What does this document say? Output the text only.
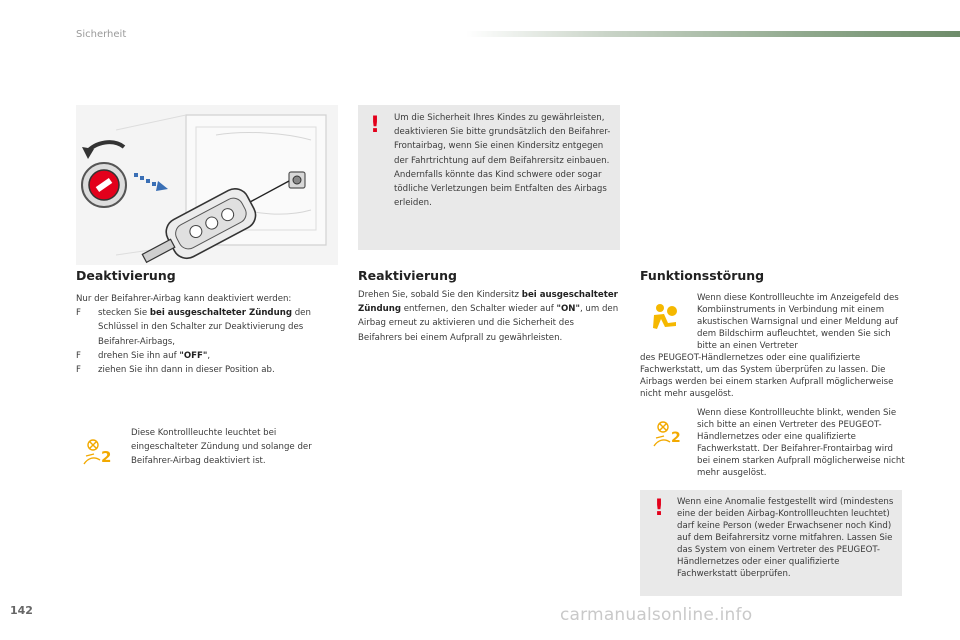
Sicherheit
! Um die Sicherheit Ihres Kindes zu gewährleisten, deaktivieren Sie bitte grundsätzlich den Beifahrer-Frontairbag, wenn Sie einen Kindersitz entgegen der Fahrtrichtung auf dem Beifahrersitz einbauen. Andernfalls könnte das Kind schwere oder sogar tödliche Verletzungen beim Entfalten des Airbags erleiden.
Deaktivierung
Nur der Beifahrer-Airbag kann deaktiviert werden:
F stecken Sie bei ausgeschalteter Zündung den Schlüssel in den Schalter zur Deaktivierung des Beifahrer-Airbags,
F drehen Sie ihn auf "OFF",
F ziehen Sie ihn dann in dieser Position ab.
2
Diese Kontrollleuchte leuchtet bei eingeschalteter Zündung und solange der Beifahrer-Airbag deaktiviert ist.
Reaktivierung
Drehen Sie, sobald Sie den Kindersitz bei ausgeschalteter Zündung entfernen, den Schalter wieder auf "ON", um den Airbag erneut zu aktivieren und die Sicherheit des Beifahrers bei einem Aufprall zu gewährleisten.
Funktionsstörung
Wenn diese Kontrollleuchte im Anzeigefeld des Kombiinstruments in Verbindung mit einem akustischen Warnsignal und einer Meldung auf dem Bildschirm aufleuchtet, wenden Sie sich bitte an einen Vertreter
des PEUGEOT-Händlernetzes oder eine qualifizierte Fachwerkstatt, um das System überprüfen zu lassen. Die Airbags werden bei einem starken Aufprall möglicherweise nicht mehr ausgelöst.
2
Wenn diese Kontrollleuchte blinkt, wenden Sie sich bitte an einen Vertreter des PEUGEOT-Händlernetzes oder eine qualifizierte Fachwerkstatt. Der Beifahrer-Frontairbag wird bei einem starken Aufprall möglicherweise nicht mehr ausgelöst.
! Wenn eine Anomalie festgestellt wird (mindestens eine der beiden Airbag-Kontrollleuchten leuchtet) darf keine Person (weder Erwachsener noch Kind) auf dem Beifahrersitz vorne mitfahren. Lassen Sie das System von einem Vertreter des PEUGEOT-Händlernetzes oder einer qualifizierte Fachwerkstatt überprüfen.
142	carmanualsonline.info
